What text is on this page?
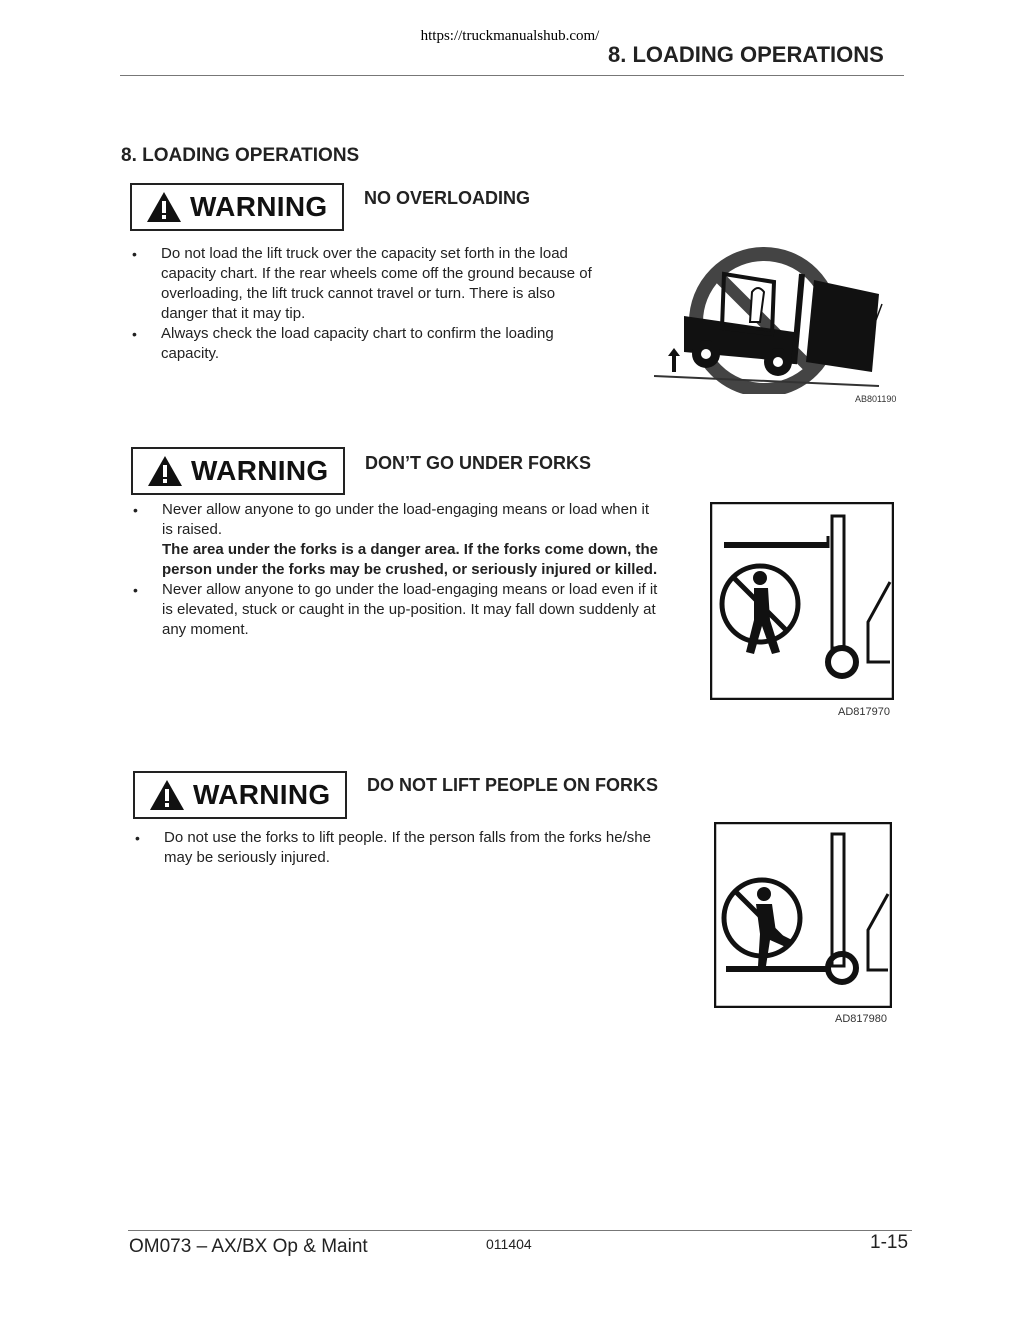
https://truckmanualshub.com/
8. LOADING OPERATIONS
8. LOADING OPERATIONS
WARNING NO OVERLOADING
• Do not load the lift truck over the capacity set forth in the load capacity chart. If the rear wheels come off the ground because of overloading, the lift truck cannot travel or turn. There is also danger that it may tip.
• Always check the load capacity chart to confirm the loading capacity.
AB801190
WARNING DON’T GO UNDER FORKS
• Never allow anyone to go under the load-engaging means or load when it is raised.
The area under the forks is a danger area. If the forks come down, the person under the forks may be crushed, or seriously injured or killed.
• Never allow anyone to go under the load-engaging means or load even if it is elevated, stuck or caught in the up-position. It may fall down suddenly at any moment.
AD817970
WARNING DO NOT LIFT PEOPLE ON FORKS
• Do not use the forks to lift people. If the person falls from the forks he/she may be seriously injured.
AD817980
OM073 – AX/BX Op & Maint	011404	1-15
